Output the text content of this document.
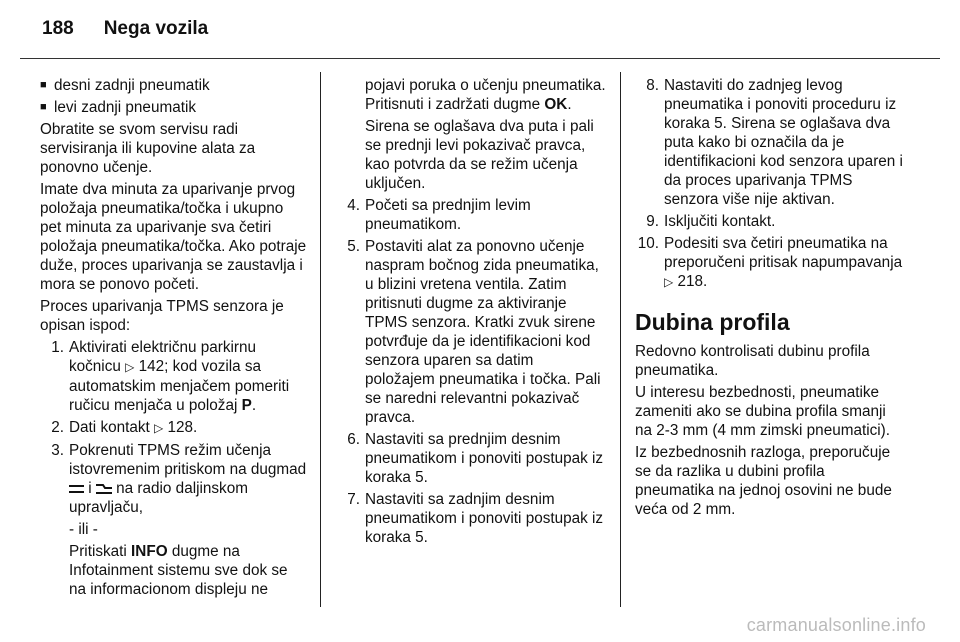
188 Nega vozila
■ desni zadnji pneumatik
■ levi zadnji pneumatik

Obratite se svom servisu radi servisiranja ili kupovine alata za ponovno učenje.

Imate dva minuta za uparivanje prvog položaja pneumatika/točka i ukupno pet minuta za uparivanje sva četiri položaja pneumatika/točka. Ako potraje duže, proces uparivanja se zaustavlja i mora se ponovo početi.

Proces uparivanja TPMS senzora je opisan ispod:

1. Aktivirati električnu parkirnu kočnicu ▷ 142; kod vozila sa automatskim menjačem pomeriti ručicu menjača u položaj P.
2. Dati kontakt ▷ 128.
3. Pokrenuti TPMS režim učenja istovremenim pritiskom na dugmad  i na radio daljinskom upravljaču,
- ili -
Pritiskati INFO dugme na Infotainment sistemu sve dok se na informacionom displeju ne
pojavi poruka o učenju pneumatika. Pritisnuti i zadržati dugme OK.
Sirena se oglašava dva puta i pali se prednji levi pokazivač pravca, kao potvrda da se režim učenja uključen.
4. Početi sa prednjim levim pneumatikom.
5. Postaviti alat za ponovno učenje naspram bočnog zida pneumatika, u blizini vretena ventila. Zatim pritisnuti dugme za aktiviranje TPMS senzora. Kratki zvuk sirene potvrđuje da je identifikacioni kod senzora uparen sa datim položajem pneumatika i točka. Pali se naredni relevantni pokazivač pravca.
6. Nastaviti sa prednjim desnim pneumatikom i ponoviti postupak iz koraka 5.
7. Nastaviti sa zadnjim desnim pneumatikom i ponoviti postupak iz koraka 5.
8. Nastaviti do zadnjeg levog pneumatika i ponoviti proceduru iz koraka 5. Sirena se oglašava dva puta kako bi označila da je identifikacioni kod senzora uparen i da proces uparivanja TPMS senzora više nije aktivan.
9. Isključiti kontakt.
10. Podesiti sva četiri pneumatika na preporučeni pritisak napumpavanja ▷ 218.
Dubina profila

Redovno kontrolisati dubinu profila pneumatika.

U interesu bezbednosti, pneumatike zameniti ako se dubina profila smanji na 2-3 mm (4 mm zimski pneumatici).

Iz bezbednosnih razloga, preporučuje se da razlika u dubini profila pneumatika na jednoj osovini ne bude veća od 2 mm.

carmanualsonline.info
